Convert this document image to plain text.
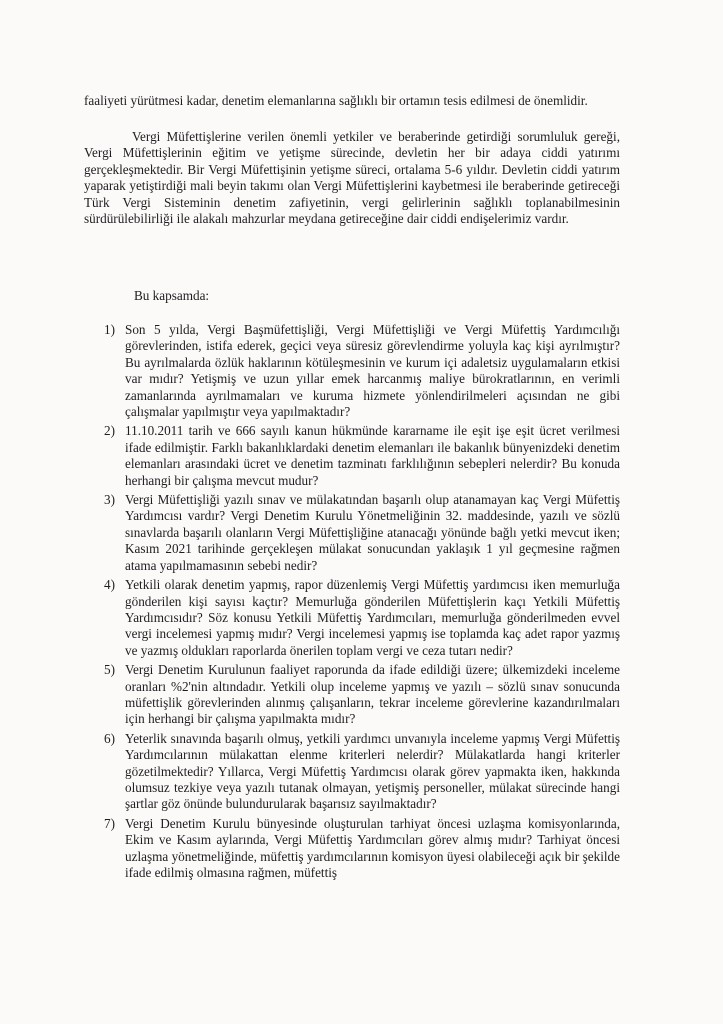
faaliyeti yürütmesi kadar, denetim elemanlarına sağlıklı bir ortamın tesis edilmesi de önemlidir.

Vergi Müfettişlerine verilen önemli yetkiler ve beraberinde getirdiği sorumluluk gereği, Vergi Müfettişlerinin eğitim ve yetişme sürecinde, devletin her bir adaya ciddi yatırımı gerçekleşmektedir. Bir Vergi Müfettişinin yetişme süreci, ortalama 5-6 yıldır. Devletin ciddi yatırım yaparak yetiştirdiği mali beyin takımı olan Vergi Müfettişlerini kaybetmesi ile beraberinde getireceği Türk Vergi Sisteminin denetim zafiyetinin, vergi gelirlerinin sağlıklı toplanabilmesinin sürdürülebilirliği ile alakalı mahzurlar meydana getireceğine dair ciddi endişelerimiz vardır.

Bu kapsamda:

1) Son 5 yılda, Vergi Başmüfettişliği, Vergi Müfettişliği ve Vergi Müfettiş Yardımcılığı görevlerinden, istifa ederek, geçici veya süresiz görevlendirme yoluyla kaç kişi ayrılmıştır? Bu ayrılmalarda özlük haklarının kötüleşmesinin ve kurum içi adaletsiz uygulamaların etkisi var mıdır? Yetişmiş ve uzun yıllar emek harcanmış maliye bürokratlarının, en verimli zamanlarında ayrılmamaları ve kuruma hizmete yönlendirilmeleri açısından ne gibi çalışmalar yapılmıştır veya yapılmaktadır?
2) 11.10.2011 tarih ve 666 sayılı kanun hükmünde kararname ile eşit işe eşit ücret verilmesi ifade edilmiştir. Farklı bakanlıklardaki denetim elemanları ile bakanlık bünyenizdeki denetim elemanları arasındaki ücret ve denetim tazminatı farklılığının sebepleri nelerdir? Bu konuda herhangi bir çalışma mevcut mudur?
3) Vergi Müfettişliği yazılı sınav ve mülakatından başarılı olup atanamayan kaç Vergi Müfettiş Yardımcısı vardır? Vergi Denetim Kurulu Yönetmeliğinin 32. maddesinde, yazılı ve sözlü sınavlarda başarılı olanların Vergi Müfettişliğine atanacağı yönünde bağlı yetki mevcut iken; Kasım 2021 tarihinde gerçekleşen mülakat sonucundan yaklaşık 1 yıl geçmesine rağmen atama yapılmamasının sebebi nedir?
4) Yetkili olarak denetim yapmış, rapor düzenlemiş Vergi Müfettiş yardımcısı iken memurluğa gönderilen kişi sayısı kaçtır? Memurluğa gönderilen Müfettişlerin kaçı Yetkili Müfettiş Yardımcısıdır? Söz konusu Yetkili Müfettiş Yardımcıları, memurluğa gönderilmeden evvel vergi incelemesi yapmış mıdır? Vergi incelemesi yapmış ise toplamda kaç adet rapor yazmış ve yazmış oldukları raporlarda önerilen toplam vergi ve ceza tutarı nedir?
5) Vergi Denetim Kurulunun faaliyet raporunda da ifade edildiği üzere; ülkemizdeki inceleme oranları %2'nin altındadır. Yetkili olup inceleme yapmış ve yazılı – sözlü sınav sonucunda müfettişlik görevlerinden alınmış çalışanların, tekrar inceleme görevlerine kazandırılmaları için herhangi bir çalışma yapılmakta mıdır?
6) Yeterlik sınavında başarılı olmuş, yetkili yardımcı unvanıyla inceleme yapmış Vergi Müfettiş Yardımcılarının mülakattan elenme kriterleri nelerdir? Mülakatlarda hangi kriterler gözetilmektedir? Yıllarca, Vergi Müfettiş Yardımcısı olarak görev yapmakta iken, hakkında olumsuz tezkiye veya yazılı tutanak olmayan, yetişmiş personeller, mülakat sürecinde hangi şartlar göz önünde bulundurularak başarısız sayılmaktadır?
7) Vergi Denetim Kurulu bünyesinde oluşturulan tarhiyat öncesi uzlaşma komisyonlarında, Ekim ve Kasım aylarında, Vergi Müfettiş Yardımcıları görev almış mıdır? Tarhiyat öncesi uzlaşma yönetmeliğinde, müfettiş yardımcılarının komisyon üyesi olabileceği açık bir şekilde ifade edilmiş olmasına rağmen, müfettiş
